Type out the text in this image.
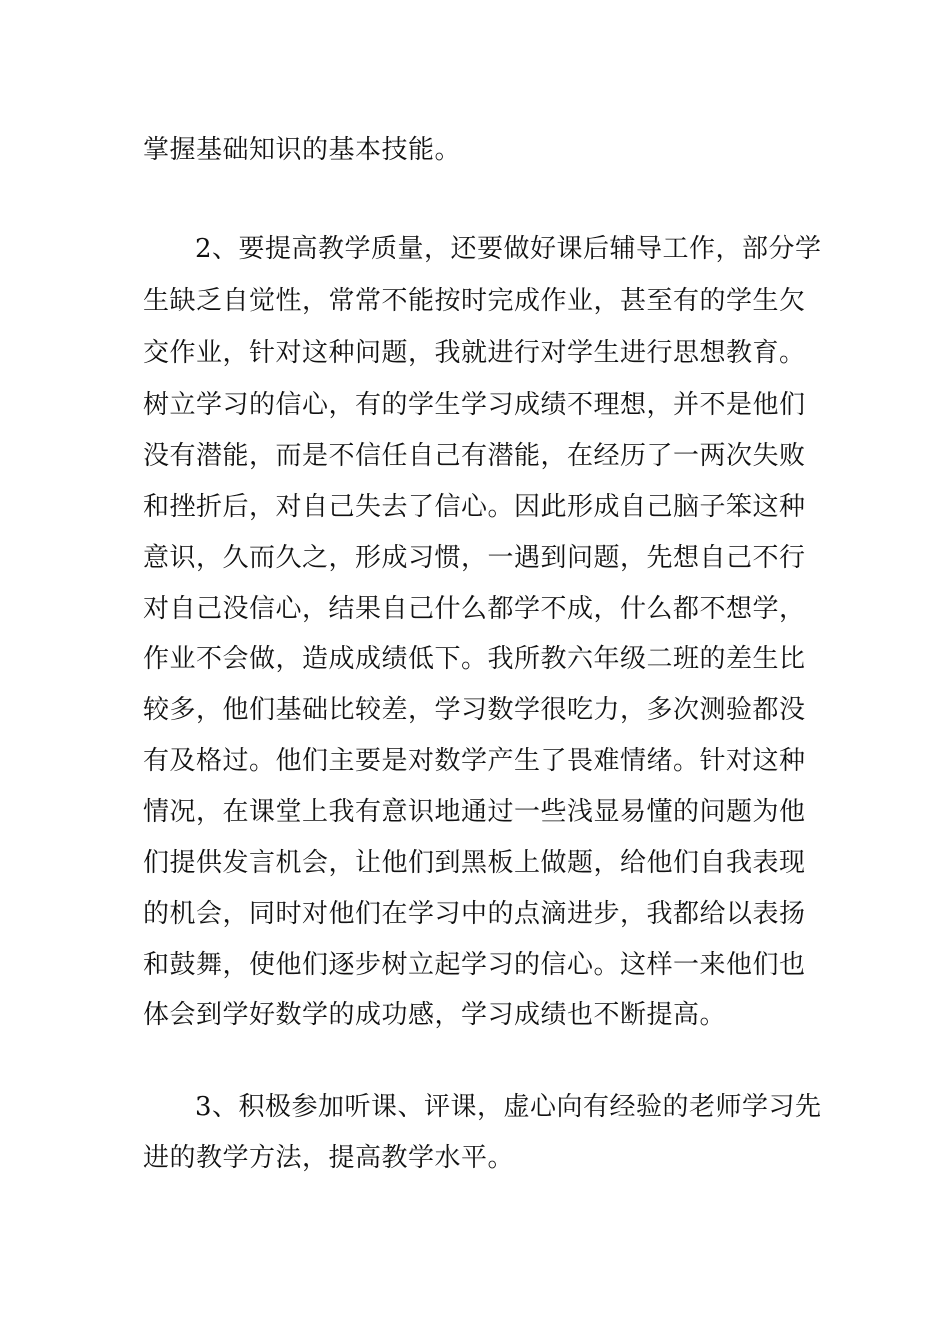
掌握基础知识的基本技能。
2、要提高教学质量，还要做好课后辅导工作，部分学
生缺乏自觉性，常常不能按时完成作业，甚至有的学生欠
交作业，针对这种问题，我就进行对学生进行思想教育。
树立学习的信心，有的学生学习成绩不理想，并不是他们
没有潜能，而是不信任自己有潜能，在经历了一两次失败
和挫折后，对自己失去了信心。因此形成自己脑子笨这种
意识，久而久之，形成习惯，一遇到问题，先想自己不行
对自己没信心，结果自己什么都学不成，什么都不想学，
作业不会做，造成成绩低下。我所教六年级二班的差生比
较多，他们基础比较差，学习数学很吃力，多次测验都没
有及格过。他们主要是对数学产生了畏难情绪。针对这种
情况，在课堂上我有意识地通过一些浅显易懂的问题为他
们提供发言机会，让他们到黑板上做题，给他们自我表现
的机会，同时对他们在学习中的点滴进步，我都给以表扬
和鼓舞，使他们逐步树立起学习的信心。这样一来他们也
体会到学好数学的成功感，学习成绩也不断提高。
3、积极参加听课、评课，虚心向有经验的老师学习先
进的教学方法，提高教学水平。
